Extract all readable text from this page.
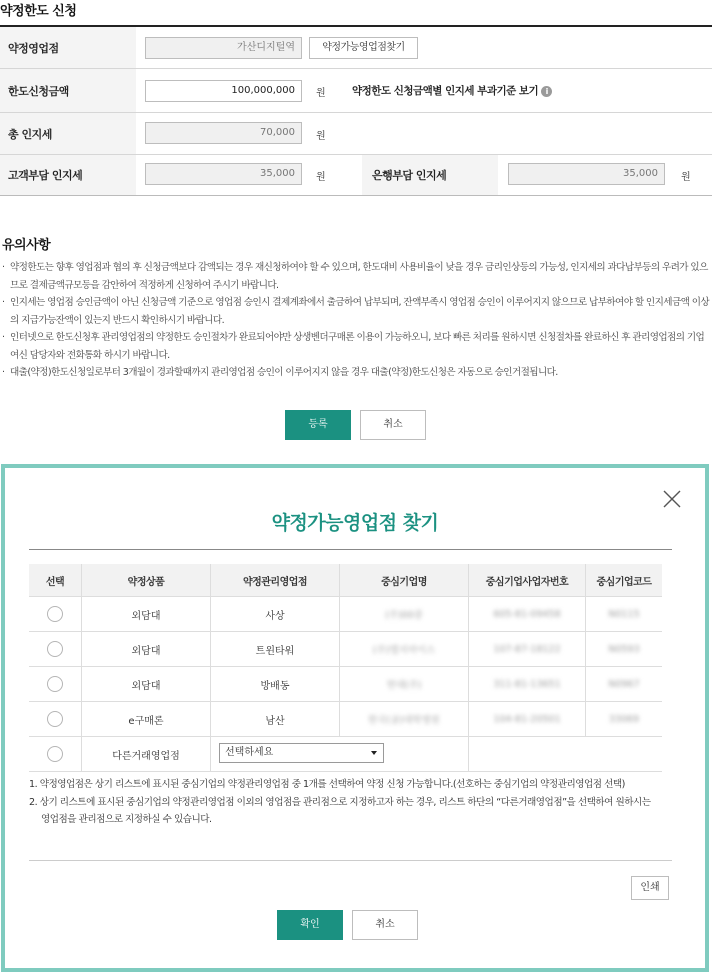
약정한도 신청
약정영업점	가산디지털역	약정가능영업점찾기
한도신청금액	100,000,000	원	약정한도 신청금액별 인지세 부과기준 보기 i
총 인지세	70,000	원
고객부담 인지세	35,000	원	은행부담 인지세	35,000	원
유의사항
· 약정한도는 향후 영업점과 협의 후 신청금액보다 감액되는 경우 재신청하여야 할 수 있으며, 한도대비 사용비율이 낮을 경우 금리인상등의 가능성, 인지세의 과다납부등의 우려가 있으므로 결제금액규모등을 감안하여 적정하게 신청하여 주시기 바랍니다.
· 인지세는 영업점 승인금액이 아닌 신청금액 기준으로 영업점 승인시 결제계좌에서 출금하여 납부되며, 잔액부족시 영업점 승인이 이루어지지 않으므로 납부하여야 할 인지세금액 이상의 지급가능잔액이 있는지 반드시 확인하시기 바랍니다.
· 인터넷으로 한도신청후 관리영업점의 약정한도 승인절차가 완료되어야만 상생벤더구매론 이용이 가능하오니, 보다 빠른 처리를 원하시면 신청절차를 완료하신 후 관리영업점의 기업여신 담당자와 전화통화 하시기 바랍니다.
· 대출(약정)한도신청일로부터 3개월이 경과할때까지 관리영업점 승인이 이루어지지 않을 경우 대출(약정)한도신청은 자동으로 승인거절됩니다.
등록	취소
약정가능영업점 찾기
선택	약정상품	약정관리영업점	중심기업명	중심기업사업자번호	중심기업코드
	외담대	사상	(주)00중	605-81-09458	N0115
	외담대	트윈타워	(주)엘지마이스	107-87-18122	N0593
	외담대	방배동	현대(주)	311-81-13651	N0967
	e구매론	남산	한국(공)대학병원	104-81-20501	33069
	다른거래영업점	선택하세요			

1. 약정영업점은 상기 리스트에 표시된 중심기업의 약정관리영업점 중 1개를 선택하여 약정 신청 가능합니다.(선호하는 중심기업의 약정관리영업점 선택)
2. 상기 리스트에 표시된 중심기업의 약정관리영업점 이외의 영업점을 관리점으로 지정하고자 하는 경우, 리스트 하단의 “다른거래영업점”을 선택하여 원하시는 영업점을 관리점으로 지정하실 수 있습니다.
인쇄
확인	취소
